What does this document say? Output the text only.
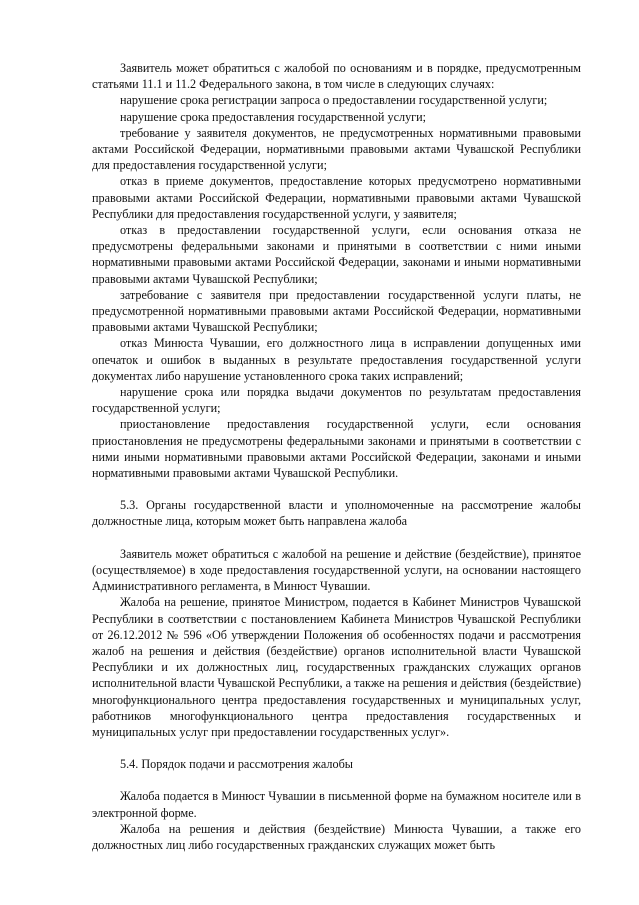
Заявитель может обратиться с жалобой по основаниям и в порядке, предусмотренным статьями 11.1 и 11.2 Федерального закона, в том числе в следующих случаях:

нарушение срока регистрации запроса о предоставлении государственной услуги;

нарушение срока предоставления государственной услуги;

требование у заявителя документов, не предусмотренных нормативными правовыми актами Российской Федерации, нормативными правовыми актами Чувашской Республики для предоставления государственной услуги;

отказ в приеме документов, предоставление которых предусмотрено нормативными правовыми актами Российской Федерации, нормативными правовыми актами Чувашской Республики для предоставления государственной услуги, у заявителя;

отказ в предоставлении государственной услуги, если основания отказа не предусмотрены федеральными законами и принятыми в соответствии с ними иными нормативными правовыми актами Российской Федерации, законами и иными нормативными правовыми актами Чувашской Республики;

затребование с заявителя при предоставлении государственной услуги платы, не предусмотренной нормативными правовыми актами Российской Федерации, нормативными правовыми актами Чувашской Республики;

отказ Минюста Чувашии, его должностного лица в исправлении допущенных ими опечаток и ошибок в выданных в результате предоставления государственной услуги документах либо нарушение установленного срока таких исправлений;

нарушение срока или порядка выдачи документов по результатам предоставления государственной услуги;

приостановление предоставления государственной услуги, если основания приостановления не предусмотрены федеральными законами и принятыми в соответствии с ними иными нормативными правовыми актами Российской Федерации, законами и иными нормативными правовыми актами Чувашской Республики.

5.3. Органы государственной власти и уполномоченные на рассмотрение жалобы должностные лица, которым может быть направлена жалоба

Заявитель может обратиться с жалобой на решение и действие (бездействие), принятое (осуществляемое) в ходе предоставления государственной услуги, на основании настоящего Административного регламента, в Минюст Чувашии.

Жалоба на решение, принятое Министром, подается в Кабинет Министров Чувашской Республики в соответствии с постановлением Кабинета Министров Чувашской Республики от 26.12.2012 № 596 «Об утверждении Положения об особенностях подачи и рассмотрения жалоб на решения и действия (бездействие) органов исполнительной власти Чувашской Республики и их должностных лиц, государственных гражданских служащих органов исполнительной власти Чувашской Республики, а также на решения и действия (бездействие) многофункционального центра предоставления государственных и муниципальных услуг, работников многофункционального центра предоставления государственных и муниципальных услуг при предоставлении государственных услуг».

5.4. Порядок подачи и рассмотрения жалобы

Жалоба подается в Минюст Чувашии в письменной форме на бумажном носителе или в электронной форме.

Жалоба на решения и действия (бездействие) Минюста Чувашии, а также его должностных лиц либо государственных гражданских служащих может быть
